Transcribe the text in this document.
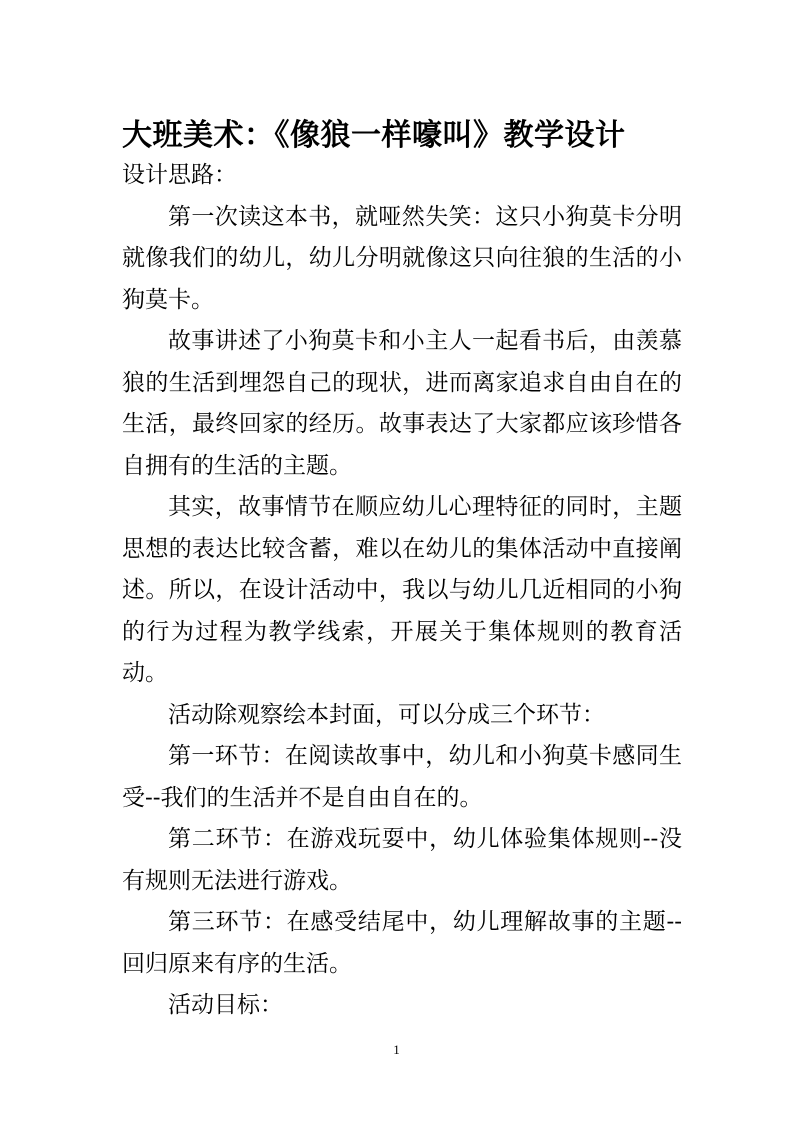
大班美术：《像狼一样嚎叫》教学设计

设计思路：

第一次读这本书，就哑然失笑：这只小狗莫卡分明就像我们的幼儿，幼儿分明就像这只向往狼的生活的小狗莫卡。

故事讲述了小狗莫卡和小主人一起看书后，由羡慕狼的生活到埋怨自己的现状，进而离家追求自由自在的生活，最终回家的经历。故事表达了大家都应该珍惜各自拥有的生活的主题。

其实，故事情节在顺应幼儿心理特征的同时，主题思想的表达比较含蓄，难以在幼儿的集体活动中直接阐述。所以，在设计活动中，我以与幼儿几近相同的小狗的行为过程为教学线索，开展关于集体规则的教育活动。

活动除观察绘本封面，可以分成三个环节：

第一环节：在阅读故事中，幼儿和小狗莫卡感同生受--我们的生活并不是自由自在的。

第二环节：在游戏玩耍中，幼儿体验集体规则--没有规则无法进行游戏。

第三环节：在感受结尾中，幼儿理解故事的主题--回归原来有序的生活。

活动目标：

1
